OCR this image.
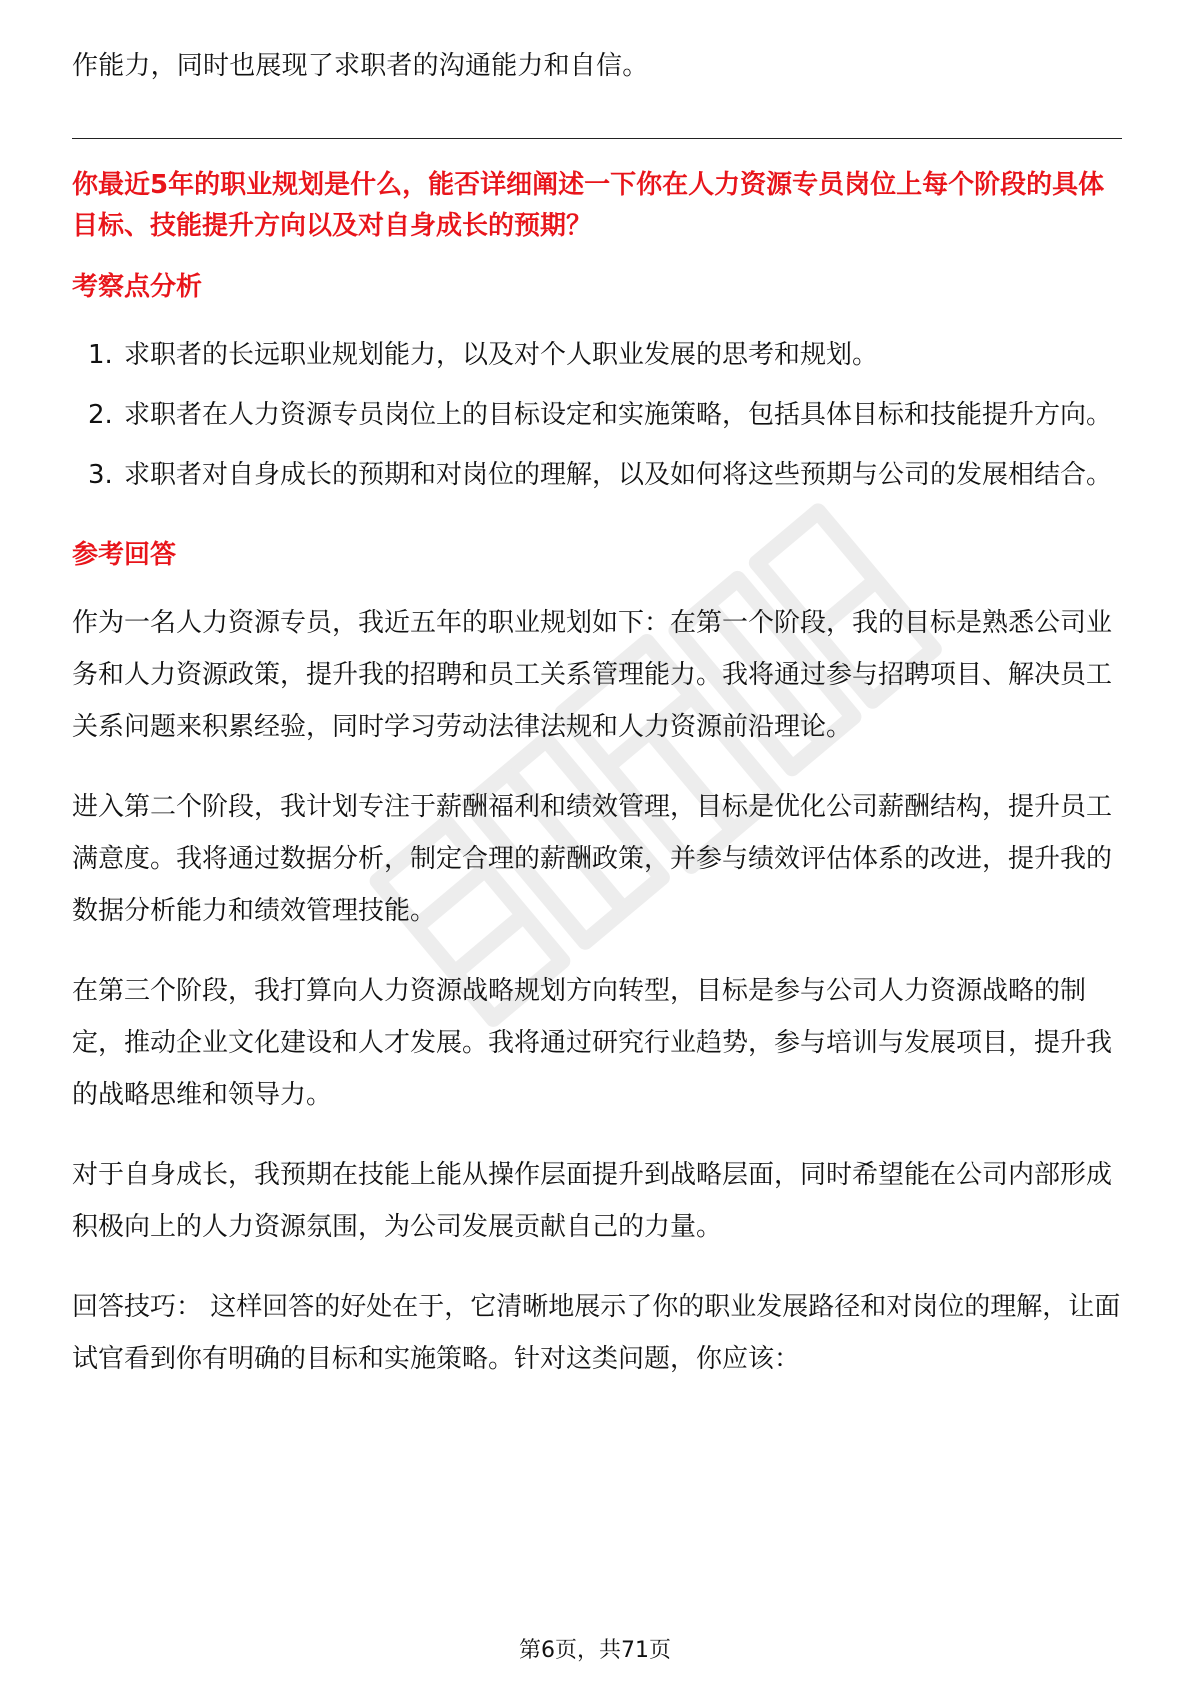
作能力，同时也展现了求职者的沟通能力和自信。

你最近5年的职业规划是什么，能否详细阐述一下你在人力资源专员岗位上每个阶段的具体目标、技能提升方向以及对自身成长的预期？

考察点分析
1. 求职者的长远职业规划能力，以及对个人职业发展的思考和规划。
2. 求职者在人力资源专员岗位上的目标设定和实施策略，包括具体目标和技能提升方向。
3. 求职者对自身成长的预期和对岗位的理解，以及如何将这些预期与公司的发展相结合。
参考回答

作为一名人力资源专员，我近五年的职业规划如下：在第一个阶段，我的目标是熟悉公司业务和人力资源政策，提升我的招聘和员工关系管理能力。我将通过参与招聘项目、解决员工关系问题来积累经验，同时学习劳动法律法规和人力资源前沿理论。

进入第二个阶段，我计划专注于薪酬福利和绩效管理，目标是优化公司薪酬结构，提升员工满意度。我将通过数据分析，制定合理的薪酬政策，并参与绩效评估体系的改进，提升我的数据分析能力和绩效管理技能。

在第三个阶段，我打算向人力资源战略规划方向转型，目标是参与公司人力资源战略的制定，推动企业文化建设和人才发展。我将通过研究行业趋势，参与培训与发展项目，提升我的战略思维和领导力。

对于自身成长，我预期在技能上能从操作层面提升到战略层面，同时希望能在公司内部形成积极向上的人力资源氛围，为公司发展贡献自己的力量。

回答技巧： 这样回答的好处在于，它清晰地展示了你的职业发展路径和对岗位的理解，让面试官看到你有明确的目标和实施策略。针对这类问题，你应该：

第6页，共71页
